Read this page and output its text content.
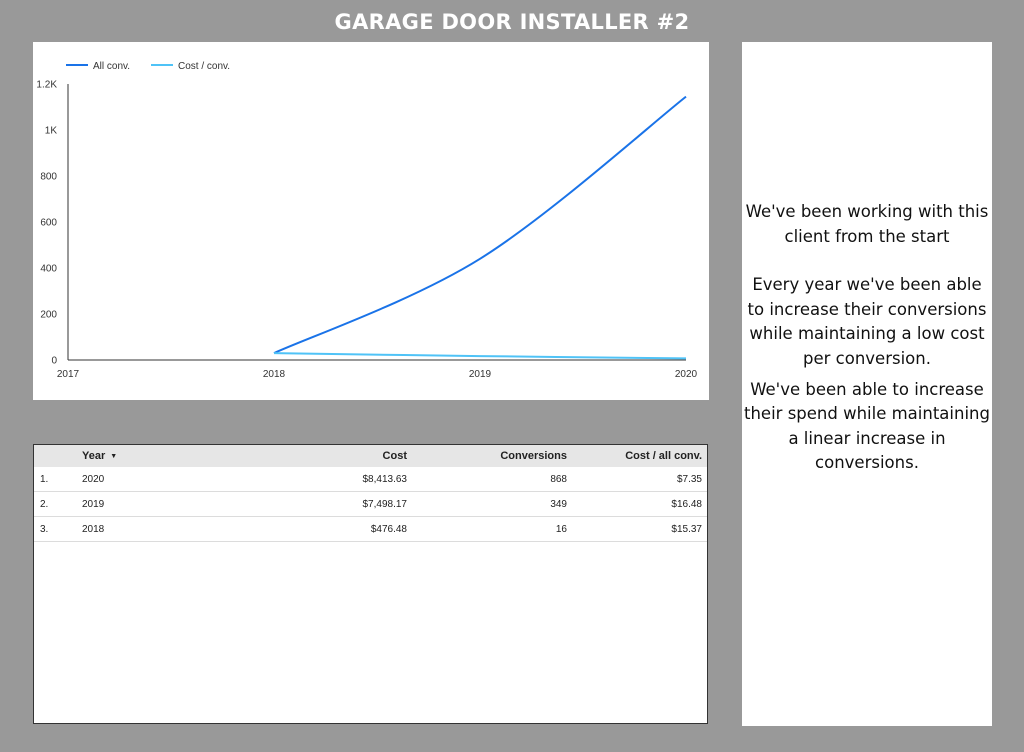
GARAGE DOOR INSTALLER #2
0
200
400
600
800
1K
1.2K
2017	2018	2019	2020
All conv.	Cost / conv.
	Year ▼	Cost	Conversions	Cost / all conv.
1.	2020	$8,413.63	868	$7.35
2.	2019	$7,498.17	349	$16.48
3.	2018	$476.48	16	$15.37

We've been working with this client from the start

Every year we've been able to increase their conversions while maintaining a low cost per conversion.

We've been able to increase their spend while maintaining a linear increase in conversions.
